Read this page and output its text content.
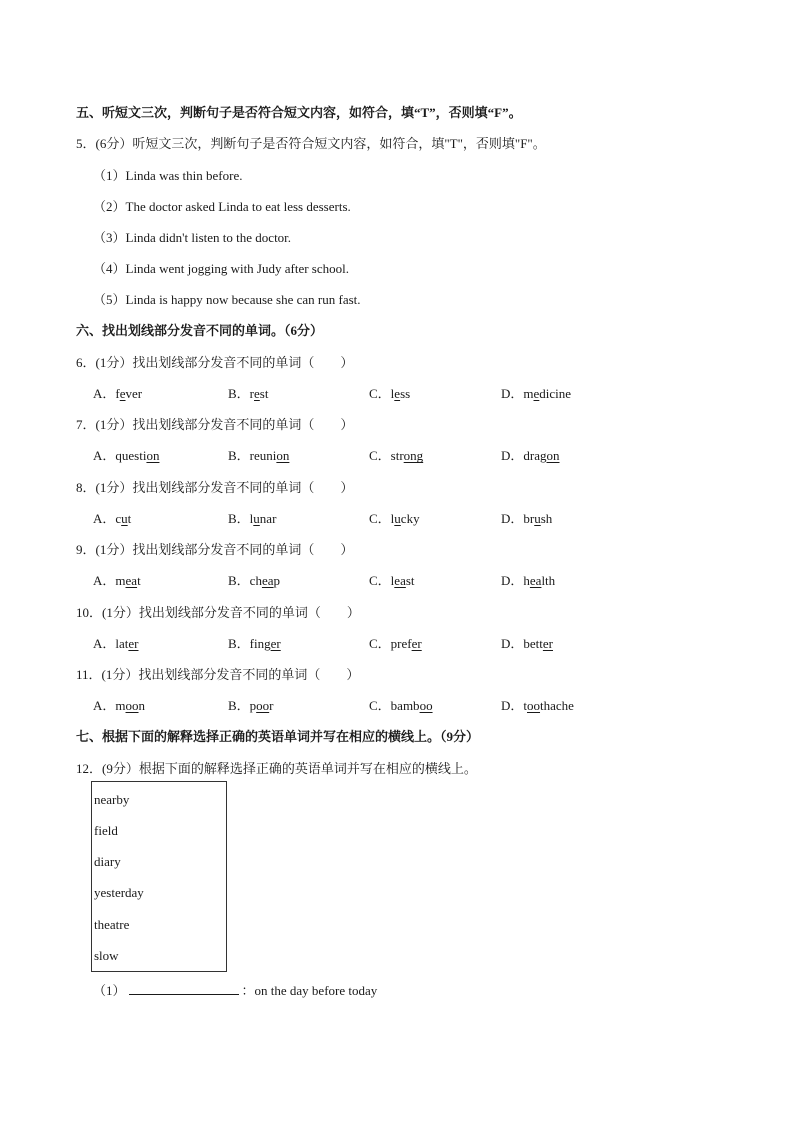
五、听短文三次，判断句子是否符合短文内容，如符合，填“T”，否则填“F”。
5．(6分）听短文三次，判断句子是否符合短文内容，如符合，填"T"，否则填"F"。
（1）Linda was thin before.
（2）The doctor asked Linda to eat less desserts.
（3）Linda didn't listen to the doctor.
（4）Linda went jogging with Judy after school.
（5）Linda is happy now because she can run fast.
六、找出划线部分发音不同的单词。（6分）
6．(1分）找出划线部分发音不同的单词（　　）
A．fever	B．rest	C．less	D．medicine
7．(1分）找出划线部分发音不同的单词（　　）
A．question	B．reunion	C．strong	D．dragon
8．(1分）找出划线部分发音不同的单词（　　）
A．cut	B．lunar	C．lucky	D．brush
9．(1分）找出划线部分发音不同的单词（　　）
A．meat	B．cheap	C．least	D．health
10．(1分）找出划线部分发音不同的单词（　　）
A．later	B．finger	C．prefer	D．better
11．(1分）找出划线部分发音不同的单词（　　）
A．moon	B．poor	C．bamboo	D．toothache
七、根据下面的解释选择正确的英语单词并写在相应的横线上。（9分）
12．(9分）根据下面的解释选择正确的英语单词并写在相应的横线上。
nearby
field
diary
yesterday
theatre
slow
（1）	：on the day before today
